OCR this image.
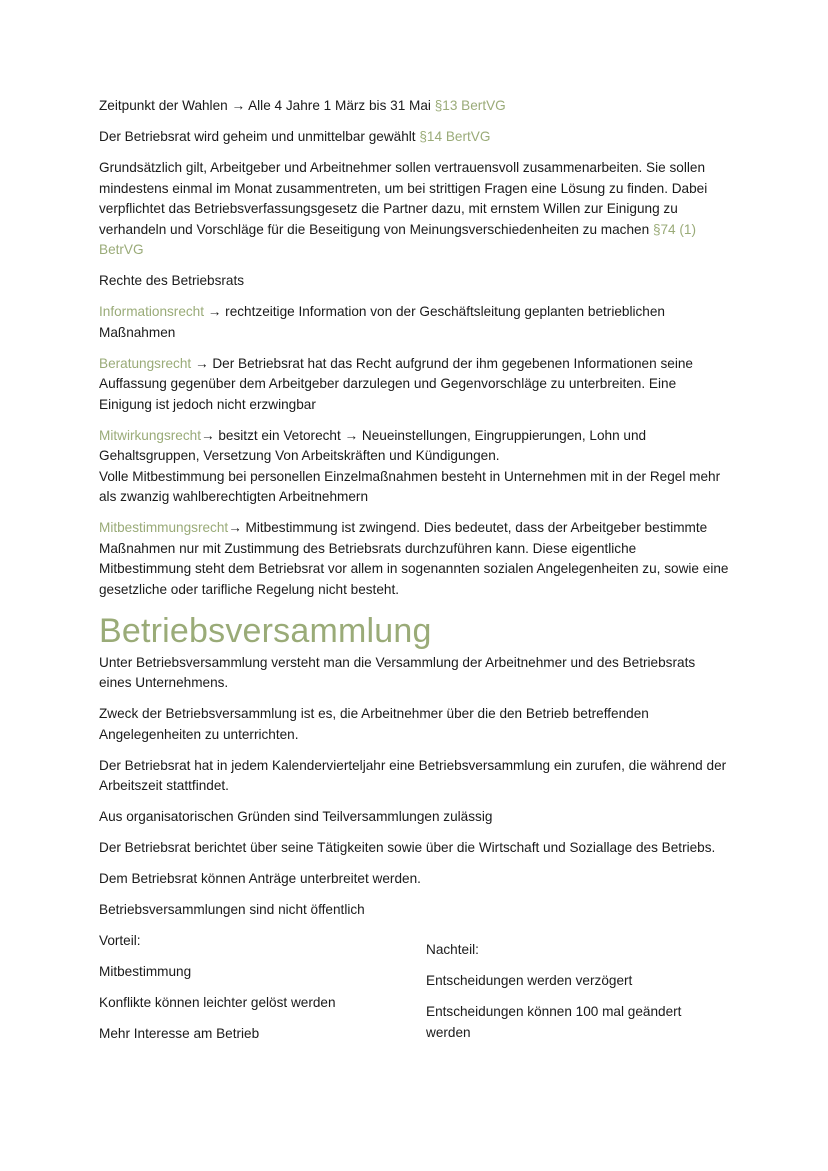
Zeitpunkt der Wahlen → Alle 4 Jahre 1 März bis 31 Mai §13 BertVG

Der Betriebsrat wird geheim und unmittelbar gewählt §14 BertVG

Grundsätzlich gilt, Arbeitgeber und Arbeitnehmer sollen vertrauensvoll zusammenarbeiten. Sie sollen mindestens einmal im Monat zusammentreten, um bei strittigen Fragen eine Lösung zu finden. Dabei verpflichtet das Betriebsverfassungsgesetz die Partner dazu, mit ernstem Willen zur Einigung zu verhandeln und Vorschläge für die Beseitigung von Meinungsverschiedenheiten zu machen §74 (1) BetrVG

Rechte des Betriebsrats

Informationsrecht → rechtzeitige Information von der Geschäftsleitung geplanten betrieblichen Maßnahmen

Beratungsrecht → Der Betriebsrat hat das Recht aufgrund der ihm gegebenen Informationen seine Auffassung gegenüber dem Arbeitgeber darzulegen und Gegenvorschläge zu unterbreiten. Eine Einigung ist jedoch nicht erzwingbar

Mitwirkungsrecht→ besitzt ein Vetorecht → Neueinstellungen, Eingruppierungen, Lohn und Gehaltsgruppen, Versetzung Von Arbeitskräften und Kündigungen.
Volle Mitbestimmung bei personellen Einzelmaßnahmen besteht in Unternehmen mit in der Regel mehr als zwanzig wahlberechtigten Arbeitnehmern

Mitbestimmungsrecht→ Mitbestimmung ist zwingend. Dies bedeutet, dass der Arbeitgeber bestimmte Maßnahmen nur mit Zustimmung des Betriebsrats durchzuführen kann. Diese eigentliche Mitbestimmung steht dem Betriebsrat vor allem in sogenannten sozialen Angelegenheiten zu, sowie eine gesetzliche oder tarifliche Regelung nicht besteht.

Betriebsversammlung

Unter Betriebsversammlung versteht man die Versammlung der Arbeitnehmer und des Betriebsrats eines Unternehmens.

Zweck der Betriebsversammlung ist es, die Arbeitnehmer über die den Betrieb betreffenden Angelegenheiten zu unterrichten.

Der Betriebsrat hat in jedem Kalendervierteljahr eine Betriebsversammlung ein zurufen, die während der Arbeitszeit stattfindet.

Aus organisatorischen Gründen sind Teilversammlungen zulässig

Der Betriebsrat berichtet über seine Tätigkeiten sowie über die Wirtschaft und Soziallage des Betriebs.

Dem Betriebsrat können Anträge unterbreitet werden.

Betriebsversammlungen sind nicht öffentlich

Vorteil:

Mitbestimmung

Konflikte können leichter gelöst werden

Mehr Interesse am Betrieb

Nachteil:

Entscheidungen werden verzögert

Entscheidungen können 100 mal geändert werden
